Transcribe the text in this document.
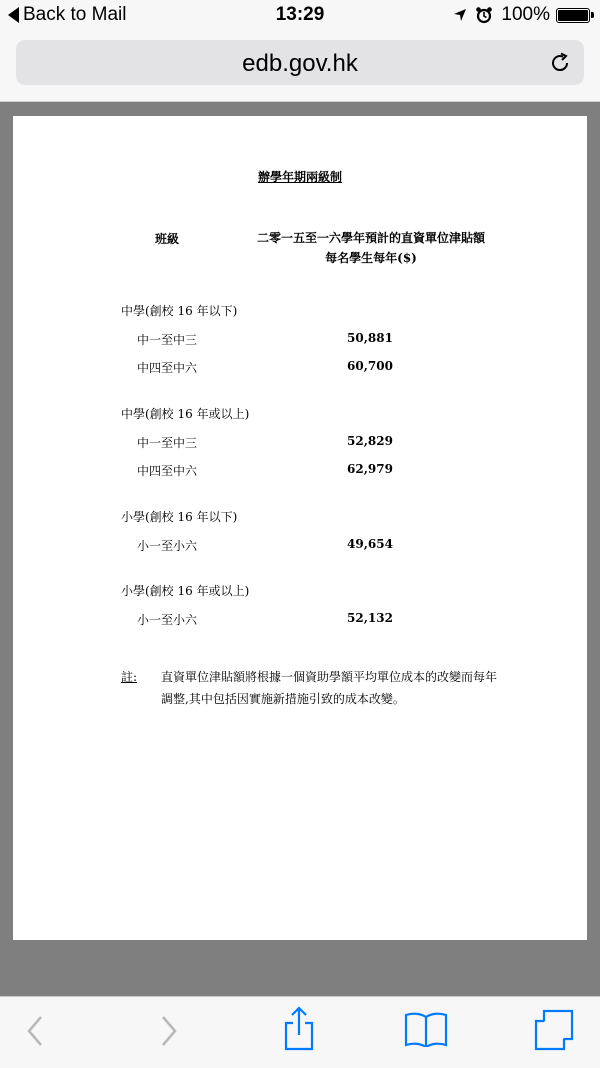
Back to Mail	13:29	100%
edb.gov.hk
辦學年期兩級制
班級	二零一五至一六學年預計的直資單位津貼額
每名學生每年($)
中學(創校 16 年以下)
中一至中三	50,881
中四至中六	60,700
中學(創校 16 年或以上)
中一至中三	52,829
中四至中六	62,979
小學(創校 16 年以下)
小一至小六	49,654
小學(創校 16 年或以上)
小一至小六	52,132
註: 直資單位津貼額將根據一個資助學額平均單位成本的改變而每年調整,其中包括因實施新措施引致的成本改變。
